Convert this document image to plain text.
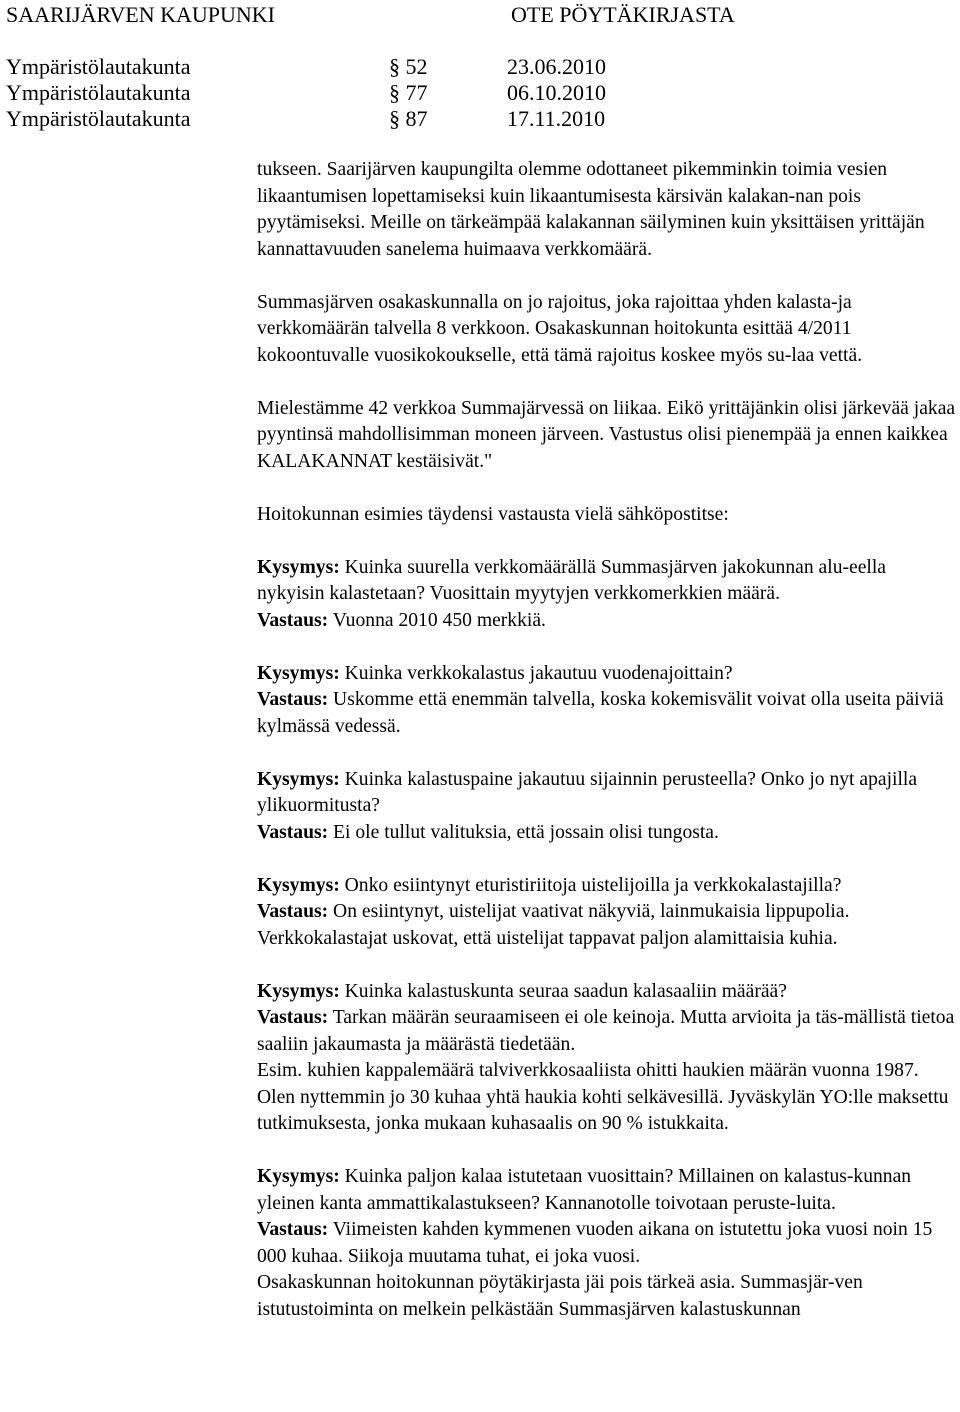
SAARIJÄRVEN KAUPUNKI	OTE PÖYTÄKIRJASTA
Ympäristölautakunta	§ 52	23.06.2010
Ympäristölautakunta	§ 77	06.10.2010
Ympäristölautakunta	§ 87	17.11.2010

tukseen. Saarijärven kaupungilta olemme odottaneet pikemminkin toimia vesien likaantumisen lopettamiseksi kuin likaantumisesta kärsivän kalakan-nan pois pyytämiseksi. Meille on tärkeämpää kalakannan säilyminen kuin yksittäisen yrittäjän kannattavuuden sanelema huimaava verkkomäärä.

Summasjärven osakaskunnalla on jo rajoitus, joka rajoittaa yhden kalasta-ja verkkomäärän talvella 8 verkkoon. Osakaskunnan hoitokunta esittää 4/2011 kokoontuvalle vuosikokoukselle, että tämä rajoitus koskee myös su-laa vettä.

Mielestämme 42 verkkoa Summajärvessä on liikaa. Eikö yrittäjänkin olisi järkevää jakaa pyyntinsä mahdollisimman moneen järveen. Vastustus olisi pienempää ja ennen kaikkea KALAKANNAT kestäisivät."

Hoitokunnan esimies täydensi vastausta vielä sähköpostitse:

Kysymys: Kuinka suurella verkkomäärällä Summasjärven jakokunnan alu-eella nykyisin kalastetaan? Vuosittain myytyjen verkkomerkkien määrä.

Vastaus: Vuonna 2010 450 merkkiä.

Kysymys: Kuinka verkkokalastus jakautuu vuodenajoittain?

Vastaus: Uskomme että enemmän talvella, koska kokemisvälit voivat olla useita päiviä kylmässä vedessä.

Kysymys: Kuinka kalastuspaine jakautuu sijainnin perusteella? Onko jo nyt apajilla ylikuormitusta?

Vastaus: Ei ole tullut valituksia, että jossain olisi tungosta.

Kysymys: Onko esiintynyt eturistiriitoja uistelijoilla ja verkkokalastajilla?

Vastaus: On esiintynyt, uistelijat vaativat näkyviä, lainmukaisia lippupolia. Verkkokalastajat uskovat, että uistelijat tappavat paljon alamittaisia kuhia.

Kysymys: Kuinka kalastuskunta seuraa saadun kalasaaliin määrää?

Vastaus: Tarkan määrän seuraamiseen ei ole keinoja. Mutta arvioita ja täs-mällistä tietoa saaliin jakaumasta ja määrästä tiedetään.

Esim. kuhien kappalemäärä talviverkkosaaliista ohitti haukien määrän vuonna 1987. Olen nyttemmin jo 30 kuhaa yhtä haukia kohti selkävesillä. Jyväskylän YO:lle maksettu tutkimuksesta, jonka mukaan kuhasaalis on 90 % istukkaita.

Kysymys: Kuinka paljon kalaa istutetaan vuosittain? Millainen on kalastus-kunnan yleinen kanta ammattikalastukseen? Kannanotolle toivotaan peruste-luita.

Vastaus: Viimeisten kahden kymmenen vuoden aikana on istutettu joka vuosi noin 15 000 kuhaa. Siikoja muutama tuhat, ei joka vuosi.

Osakaskunnan hoitokunnan pöytäkirjasta jäi pois tärkeä asia. Summasjär-ven istutustoiminta on melkein pelkästään Summasjärven kalastuskunnan
